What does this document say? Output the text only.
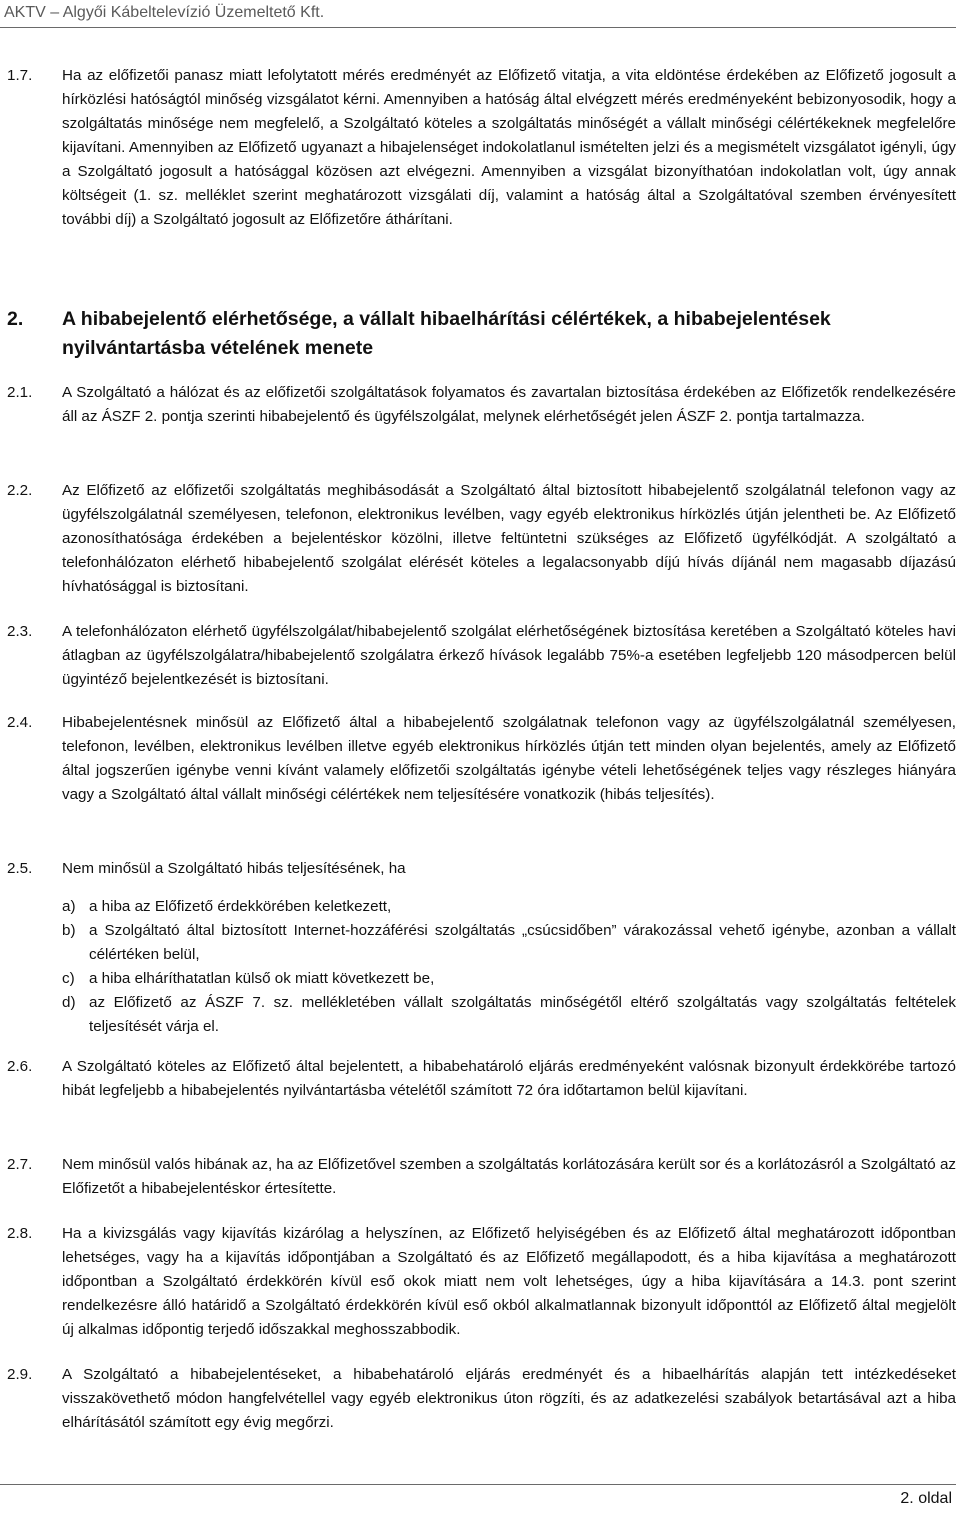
AKTV – Algyői Kábeltelevízió Üzemeltető Kft.
1.7. Ha az előfizetői panasz miatt lefolytatott mérés eredményét az Előfizető vitatja, a vita eldöntése érdekében az Előfizető jogosult a hírközlési hatóságtól minőség vizsgálatot kérni. Amennyiben a hatóság által elvégzett mérés eredményeként bebizonyosodik, hogy a szolgáltatás minősége nem megfelelő, a Szolgáltató köteles a szolgáltatás minőségét a vállalt minőségi célértékeknek megfelelőre kijavítani. Amennyiben az Előfizető ugyanazt a hibajelenséget indokolatlanul ismételten jelzi és a megismételt vizsgálatot igényli, úgy a Szolgáltató jogosult a hatósággal közösen azt elvégezni. Amennyiben a vizsgálat bizonyíthatóan indokolatlan volt, úgy annak költségeit (1. sz. melléklet szerint meghatározott vizsgálati díj, valamint a hatóság által a Szolgáltatóval szemben érvényesített további díj) a Szolgáltató jogosult az Előfizetőre áthárítani.
2. A hibabejelentő elérhetősége, a vállalt hibaelhárítási célértékek, a hibabejelentések nyilvántartásba vételének menete
2.1. A Szolgáltató a hálózat és az előfizetői szolgáltatások folyamatos és zavartalan biztosítása érdekében az Előfizetők rendelkezésére áll az ÁSZF 2. pontja szerinti hibabejelentő és ügyfélszolgálat, melynek elérhetőségét jelen ÁSZF 2. pontja tartalmazza.
2.2. Az Előfizető az előfizetői szolgáltatás meghibásodását a Szolgáltató által biztosított hibabejelentő szolgálatnál telefonon vagy az ügyfélszolgálatnál személyesen, telefonon, elektronikus levélben, vagy egyéb elektronikus hírközlés útján jelentheti be. Az Előfizető azonosíthatósága érdekében a bejelentéskor közölni, illetve feltüntetni szükséges az Előfizető ügyfélkódját. A szolgáltató a telefonhálózaton elérhető hibabejelentő szolgálat elérését köteles a legalacsonyabb díjú hívás díjánál nem magasabb díjazású hívhatósággal is biztosítani.
2.3. A telefonhálózaton elérhető ügyfélszolgálat/hibabejelentő szolgálat elérhetőségének biztosítása keretében a Szolgáltató köteles havi átlagban az ügyfélszolgálatra/hibabejelentő szolgálatra érkező hívások legalább 75%-a esetében legfeljebb 120 másodpercen belül ügyintéző bejelentkezését is biztosítani.
2.4. Hibabejelentésnek minősül az Előfizető által a hibabejelentő szolgálatnak telefonon vagy az ügyfélszolgálatnál személyesen, telefonon, levélben, elektronikus levélben illetve egyéb elektronikus hírközlés útján tett minden olyan bejelentés, amely az Előfizető által jogszerűen igénybe venni kívánt valamely előfizetői szolgáltatás igénybe vételi lehetőségének teljes vagy részleges hiányára vagy a Szolgáltató által vállalt minőségi célértékek nem teljesítésére vonatkozik (hibás teljesítés).
2.5. Nem minősül a Szolgáltató hibás teljesítésének, ha
a) a hiba az Előfizető érdekkörében keletkezett,
b) a Szolgáltató által biztosított Internet-hozzáférési szolgáltatás „csúcsidőben” várakozással vehető igénybe, azonban a vállalt célértéken belül,
c) a hiba elháríthatatlan külső ok miatt következett be,
d) az Előfizető az ÁSZF 7. sz. mellékletében vállalt szolgáltatás minőségétől eltérő szolgáltatás vagy szolgáltatás feltételek teljesítését várja el.
2.6. A Szolgáltató köteles az Előfizető által bejelentett, a hibabehatároló eljárás eredményeként valósnak bizonyult érdekkörébe tartozó hibát legfeljebb a hibabejelentés nyilvántartásba vételétől számított 72 óra időtartamon belül kijavítani.
2.7. Nem minősül valós hibának az, ha az Előfizetővel szemben a szolgáltatás korlátozására került sor és a korlátozásról a Szolgáltató az Előfizetőt a hibabejelentéskor értesítette.
2.8. Ha a kivizsgálás vagy kijavítás kizárólag a helyszínen, az Előfizető helyiségében és az Előfizető által meghatározott időpontban lehetséges, vagy ha a kijavítás időpontjában a Szolgáltató és az Előfizető megállapodott, és a hiba kijavítása a meghatározott időpontban a Szolgáltató érdekkörén kívül eső okok miatt nem volt lehetséges, úgy a hiba kijavítására a 14.3. pont szerint rendelkezésre álló határidő a Szolgáltató érdekkörén kívül eső okból alkalmatlannak bizonyult időponttól az Előfizető által megjelölt új alkalmas időpontig terjedő időszakkal meghosszabbodik.
2.9. A Szolgáltató a hibabejelentéseket, a hibabehatároló eljárás eredményét és a hibaelhárítás alapján tett intézkedéseket visszakövethető módon hangfelvétellel vagy egyéb elektronikus úton rögzíti, és az adatkezelési szabályok betartásával azt a hiba elhárításától számított egy évig megőrzi.
2. oldal
